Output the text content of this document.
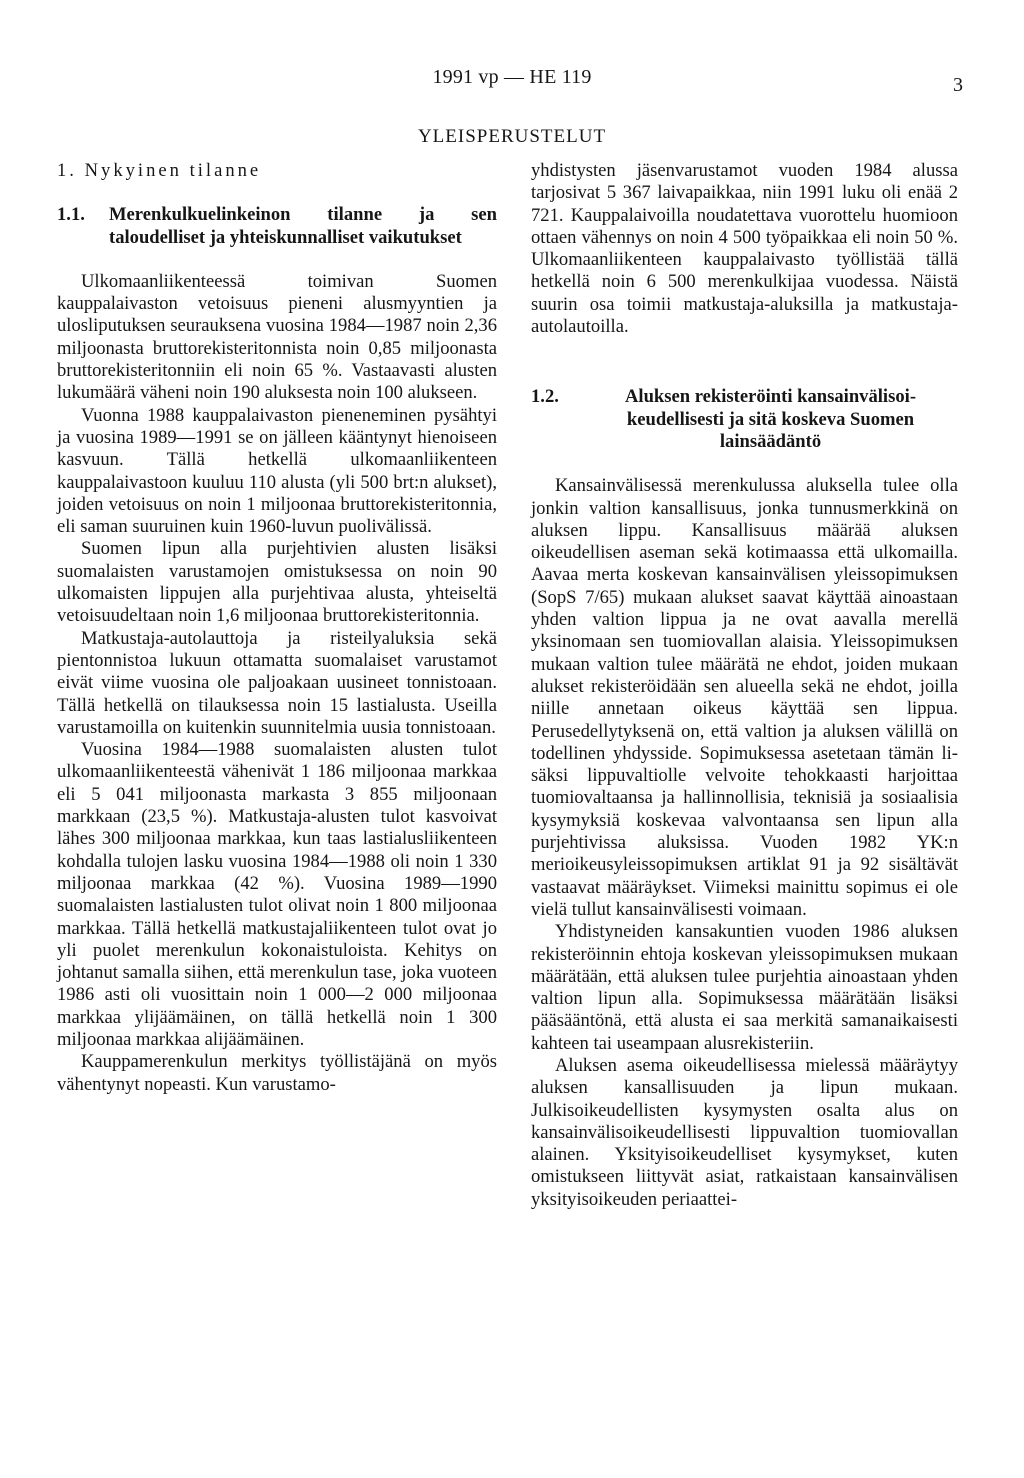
1991 vp — HE 119	3
YLEISPERUSTELUT
1. Nykyinen tilanne
1.1.	Merenkulkuelinkeinon tilanne ja sen taloudelliset ja yhteiskunnalliset vaikutukset

Ulkomaanliikenteessä toimivan Suomen kauppalaivaston vetoisuus pieneni alusmyyntien ja ulosliputuksen seurauksena vuosina 1984—1987 noin 2,36 miljoonasta bruttorekisteritonnista noin 0,85 miljoonasta bruttorekisteritonniin eli noin 65 %. Vastaavasti alusten lukumäärä väheni noin 190 aluksesta noin 100 alukseen.

Vuonna 1988 kauppalaivaston pieneneminen pysähtyi ja vuosina 1989—1991 se on jälleen kääntynyt hienoiseen kasvuun. Tällä hetkellä ulkomaanliikenteen kauppalaivastoon kuuluu 110 alusta (yli 500 brt:n alukset), joiden vetoisuus on noin 1 miljoonaa bruttorekisteritonnia, eli saman suuruinen kuin 1960-luvun puolivälissä.

Suomen lipun alla purjehtivien alusten lisäksi suomalaisten varustamojen omistuksessa on noin 90 ulkomaisten lippujen alla purjehtivaa alusta, yhteiseltä vetoisuudeltaan noin 1,6 miljoonaa bruttorekisteritonnia.

Matkustaja-autolauttoja ja risteilyaluksia sekä pientonnistoa lukuun ottamatta suomalaiset varustamot eivät viime vuosina ole paljoakaan uusineet tonnistoaan. Tällä hetkellä on tilauksessa noin 15 lastialusta. Useilla varustamoilla on kuitenkin suunnitelmia uusia tonnistoaan.

Vuosina 1984—1988 suomalaisten alusten tulot ulkomaanliikenteestä vähenivät 1 186 miljoonaa markkaa eli 5 041 miljoonasta markasta 3 855 miljoonaan markkaan (23,5 %). Matkustaja-alusten tulot kasvoivat lähes 300 miljoonaa markkaa, kun taas lastialusliikenteen kohdalla tulojen lasku vuosina 1984—1988 oli noin 1 330 miljoonaa markkaa (42 %). Vuosina 1989—1990 suomalaisten lastialusten tulot olivat noin 1 800 miljoonaa markkaa. Tällä hetkellä matkustajaliikenteen tulot ovat jo yli puolet merenkulun kokonaistuloista. Kehitys on johtanut samalla siihen, että merenkulun tase, joka vuoteen 1986 asti oli vuosittain noin 1 000—2 000 miljoonaa markkaa ylijäämäinen, on tällä hetkellä noin 1 300 miljoonaa markkaa alijäämäinen.

Kauppamerenkulun merkitys työllistäjänä on myös vähentynyt nopeasti. Kun varustamo-

yhdistysten jäsenvarustamot vuoden 1984 alussa tarjosivat 5 367 laivapaikkaa, niin 1991 luku oli enää 2 721. Kauppalaivoilla noudatettava vuorottelu huomioon ottaen vähennys on noin 4 500 työpaikkaa eli noin 50 %. Ulkomaanliikenteen kauppalaivasto työllistää tällä hetkellä noin 6 500 merenkulkijaa vuodessa. Näistä suurin osa toimii matkustaja-aluksilla ja matkustaja-autolautoilla.

1.2.	Aluksen rekisteröinti kansainvälisoikeudellisesti ja sitä koskeva Suomen lainsäädäntö

Kansainvälisessä merenkulussa aluksella tulee olla jonkin valtion kansallisuus, jonka tunnusmerkkinä on aluksen lippu. Kansallisuus määrää aluksen oikeudellisen aseman sekä kotimaassa että ulkomailla. Aavaa merta koskevan kansainvälisen yleissopimuksen (SopS 7/65) mukaan alukset saavat käyttää ainoastaan yhden valtion lippua ja ne ovat aavalla merellä yksinomaan sen tuomiovallan alaisia. Yleissopimuksen mukaan valtion tulee määrätä ne ehdot, joiden mukaan alukset rekisteröidään sen alueella sekä ne ehdot, joilla niille annetaan oikeus käyttää sen lippua. Perusedellytyksenä on, että valtion ja aluksen välillä on todellinen yhdysside. Sopimuksessa asetetaan tämän lisäksi lippuvaltiolle velvoite tehokkaasti harjoittaa tuomiovaltaansa ja hallinnollisia, teknisiä ja sosiaalisia kysymyksiä koskevaa valvontaansa sen lipun alla purjehtivissa aluksissa. Vuoden 1982 YK:n merioikeusyleissopimuksen artiklat 91 ja 92 sisältävät vastaavat määräykset. Viimeksi mainittu sopimus ei ole vielä tullut kansainvälisesti voimaan.

Yhdistyneiden kansakuntien vuoden 1986 aluksen rekisteröinnin ehtoja koskevan yleissopimuksen mukaan määrätään, että aluksen tulee purjehtia ainoastaan yhden valtion lipun alla. Sopimuksessa määrätään lisäksi pääsääntönä, että alusta ei saa merkitä samanaikaisesti kahteen tai useampaan alusrekisteriin.

Aluksen asema oikeudellisessa mielessä määräytyy aluksen kansallisuuden ja lipun mukaan. Julkisoikeudellisten kysymysten osalta alus on kansainvälisoikeudellisesti lippuvaltion tuomiovallan alainen. Yksityisoikeudelliset kysymykset, kuten omistukseen liittyvät asiat, ratkaistaan kansainvälisen yksityisoikeuden periaattei-
